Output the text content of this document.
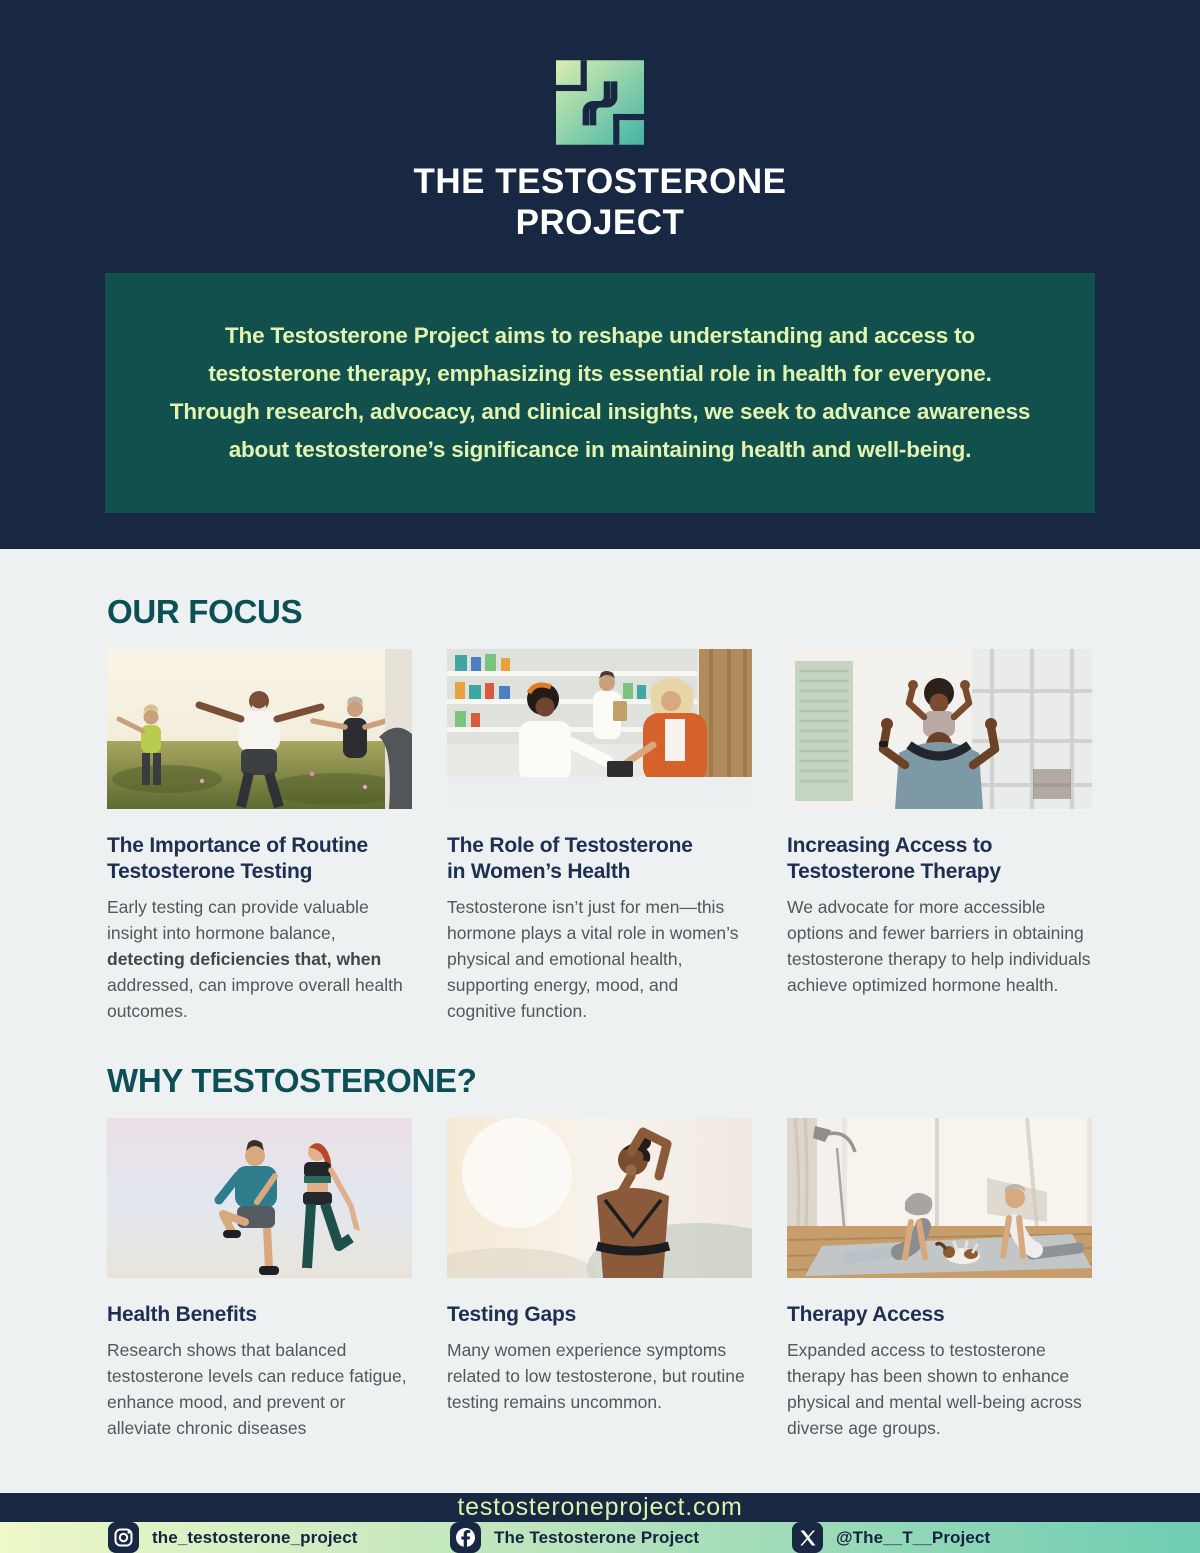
THE TESTOSTERONE
PROJECT
The Testosterone Project aims to reshape understanding and access to
testosterone therapy, emphasizing its essential role in health for everyone.
Through research, advocacy, and clinical insights, we seek to advance awareness
about testosterone’s significance in maintaining health and well-being.
OUR FOCUS
The Importance of Routine
Testosterone Testing

Early testing can provide valuable insight into hormone balance, detecting deficiencies that, when addressed, can improve overall health outcomes.

The Role of Testosterone
in Women’s Health

Testosterone isn’t just for men—this hormone plays a vital role in women’s physical and emotional health, supporting energy, mood, and cognitive function.

Increasing Access to
Testosterone Therapy

We advocate for more accessible options and fewer barriers in obtaining testosterone therapy to help individuals achieve optimized hormone health.

WHY TESTOSTERONE?
Health Benefits

Research shows that balanced testosterone levels can reduce fatigue, enhance mood, and prevent or alleviate chronic diseases

Testing Gaps

Many women experience symptoms related to low testosterone, but routine testing remains uncommon.

Therapy Access

Expanded access to testosterone therapy has been shown to enhance physical and mental well-being across diverse age groups.

testosteroneproject.com
the_testosterone_project	The Testosterone Project	@The__T__Project
